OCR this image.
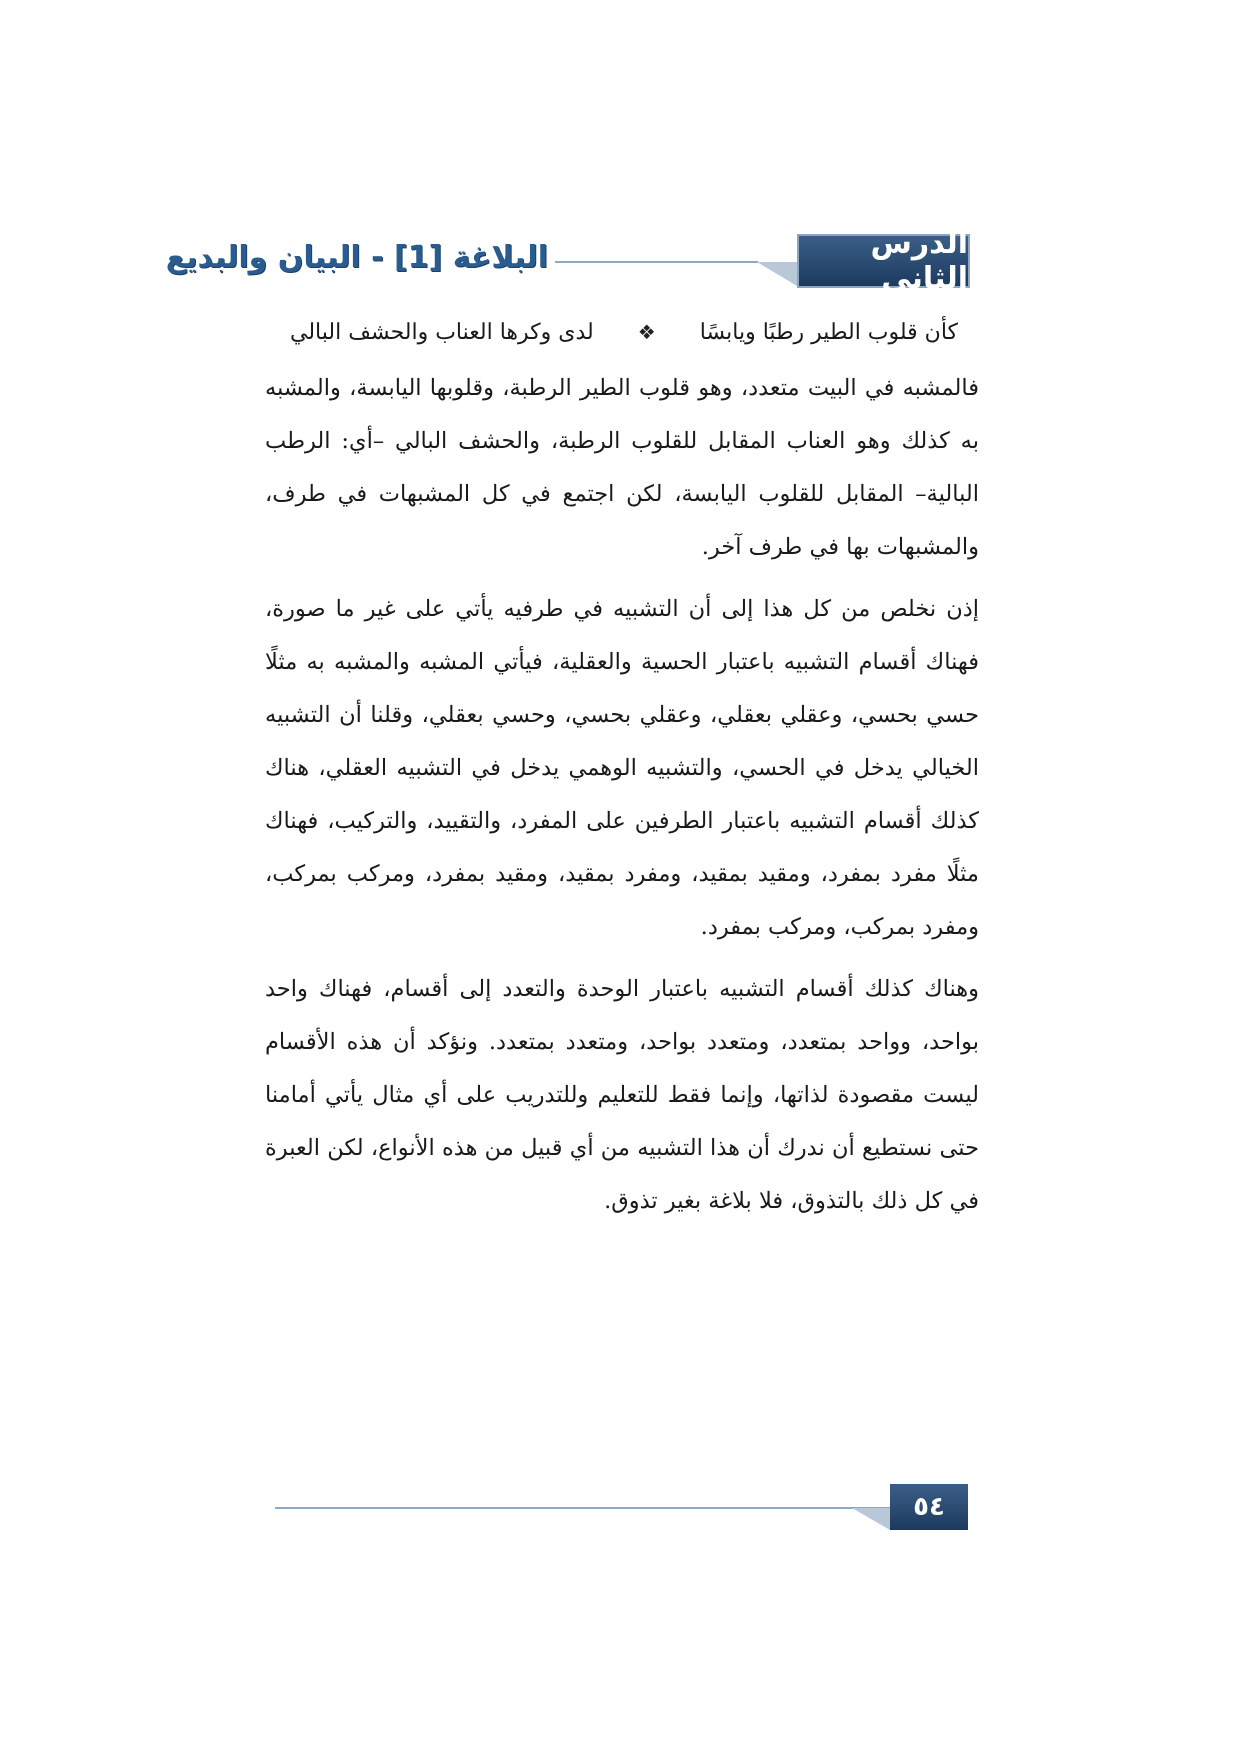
الدرس الثاني
البلاغة [1] - البيان والبديع
كأن قلوب الطير رطبًا ويابسًا
❖
لدى وكرها العناب والحشف البالي

فالمشبه في البيت متعدد، وهو قلوب الطير الرطبة، وقلوبها اليابسة، والمشبه به كذلك وهو العناب المقابل للقلوب الرطبة، والحشف البالي –أي: الرطب البالية– المقابل للقلوب اليابسة، لكن اجتمع في كل المشبهات في طرف، والمشبهات بها في طرف آخر.

إذن نخلص من كل هذا إلى أن التشبيه في طرفيه يأتي على غير ما صورة، فهناك أقسام التشبيه باعتبار الحسية والعقلية، فيأتي المشبه والمشبه به مثلًا حسي بحسي، وعقلي بعقلي، وعقلي بحسي، وحسي بعقلي، وقلنا أن التشبيه الخيالي يدخل في الحسي، والتشبيه الوهمي يدخل في التشبيه العقلي، هناك كذلك أقسام التشبيه باعتبار الطرفين على المفرد، والتقييد، والتركيب، فهناك مثلًا مفرد بمفرد، ومقيد بمقيد، ومفرد بمقيد، ومقيد بمفرد، ومركب بمركب، ومفرد بمركب، ومركب بمفرد.

وهناك كذلك أقسام التشبيه باعتبار الوحدة والتعدد إلى أقسام، فهناك واحد بواحد، وواحد بمتعدد، ومتعدد بواحد، ومتعدد بمتعدد. ونؤكد أن هذه الأقسام ليست مقصودة لذاتها، وإنما فقط للتعليم وللتدريب على أي مثال يأتي أمامنا حتى نستطيع أن ندرك أن هذا التشبيه من أي قبيل من هذه الأنواع، لكن العبرة في كل ذلك بالتذوق، فلا بلاغة بغير تذوق.

٥٤
